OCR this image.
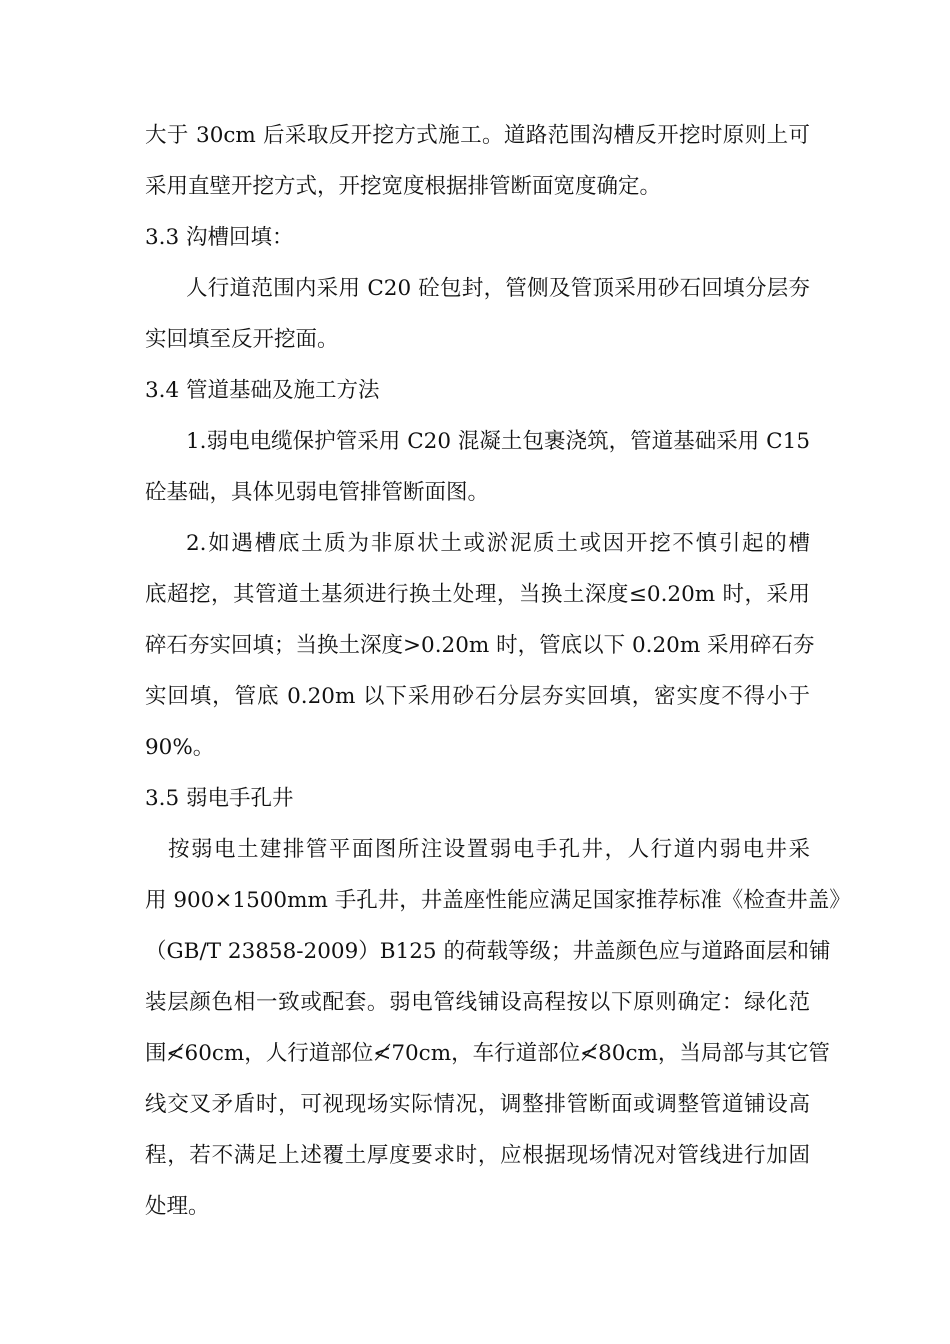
大于 30cm 后采取反开挖方式施工。道路范围沟槽反开挖时原则上可
采用直壁开挖方式，开挖宽度根据排管断面宽度确定。
3.3 沟槽回填：
人行道范围内采用 C20 砼包封，管侧及管顶采用砂石回填分层夯
实回填至反开挖面。
3.4 管道基础及施工方法
1.弱电电缆保护管采用 C20 混凝土包裹浇筑，管道基础采用 C15
砼基础，具体见弱电管排管断面图。
2.如遇槽底土质为非原状土或淤泥质土或因开挖不慎引起的槽
底超挖，其管道土基须进行换土处理，当换土深度≤0.20m 时，采用
碎石夯实回填；当换土深度>0.20m 时，管底以下 0.20m 采用碎石夯
实回填，管底 0.20m 以下采用砂石分层夯实回填，密实度不得小于
90%。
3.5 弱电手孔井
按弱电土建排管平面图所注设置弱电手孔井，人行道内弱电井采
用 900×1500mm 手孔井，井盖座性能应满足国家推荐标准《检查井盖》
（GB/T 23858-2009）B125 的荷载等级；井盖颜色应与道路面层和铺
装层颜色相一致或配套。弱电管线铺设高程按以下原则确定：绿化范
围≮60cm，人行道部位≮70cm，车行道部位≮80cm，当局部与其它管
线交叉矛盾时，可视现场实际情况，调整排管断面或调整管道铺设高
程，若不满足上述覆土厚度要求时，应根据现场情况对管线进行加固
处理。
